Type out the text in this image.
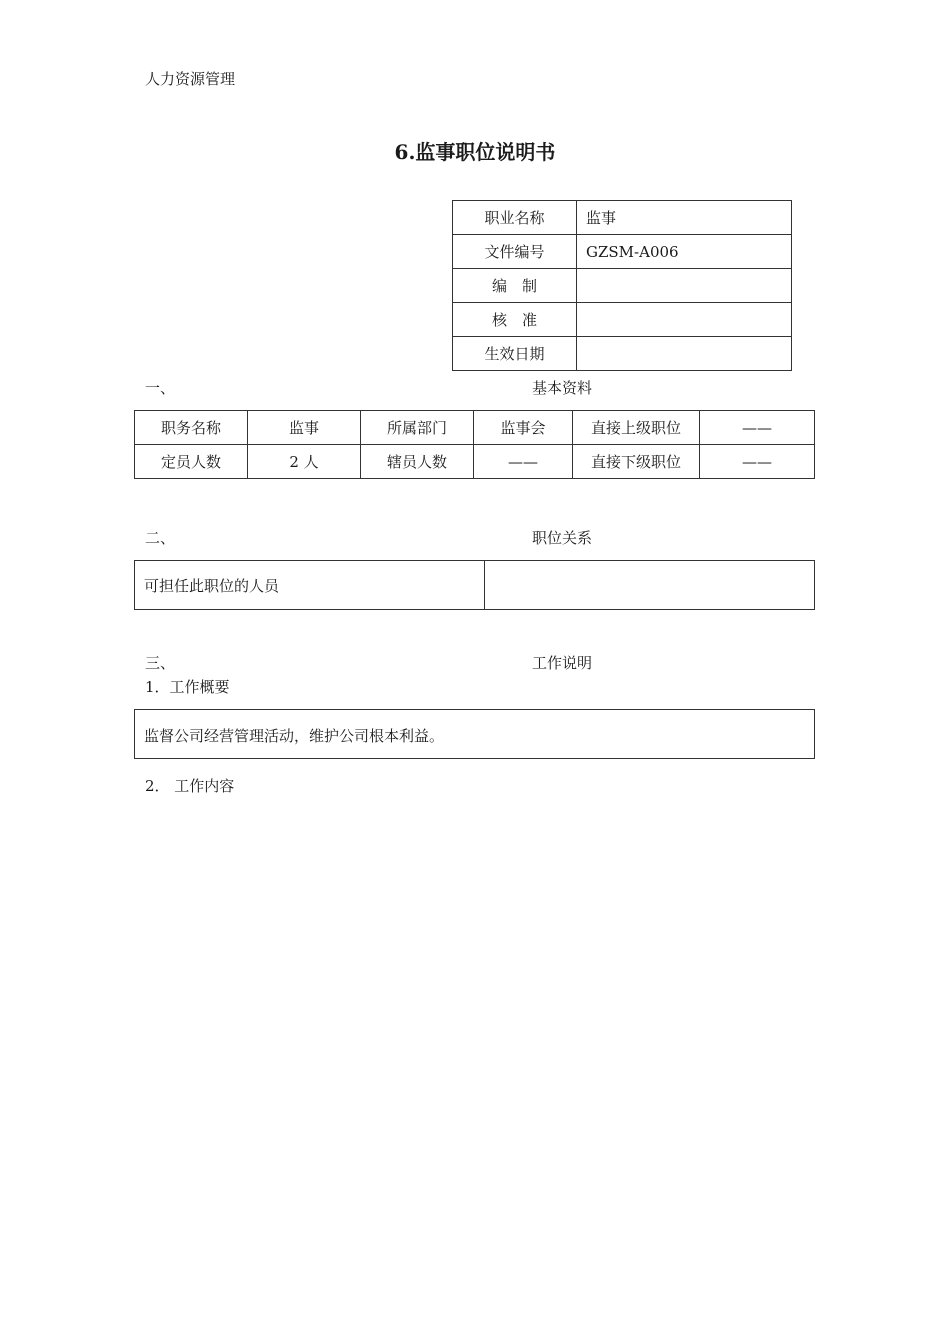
人力资源管理
6.监事职位说明书
职业名称	监事
文件编号	GZSM-A006
编　制	
核　准	
生效日期	
一、	基本资料
职务名称	监事	所属部门	监事会	直接上级职位	——
定员人数	2 人	辖员人数	——	直接下级职位	——
二、	职位关系
可担任此职位的人员	
三、	工作说明
1．工作概要
监督公司经营管理活动，维护公司根本利益。
2． 工作内容
